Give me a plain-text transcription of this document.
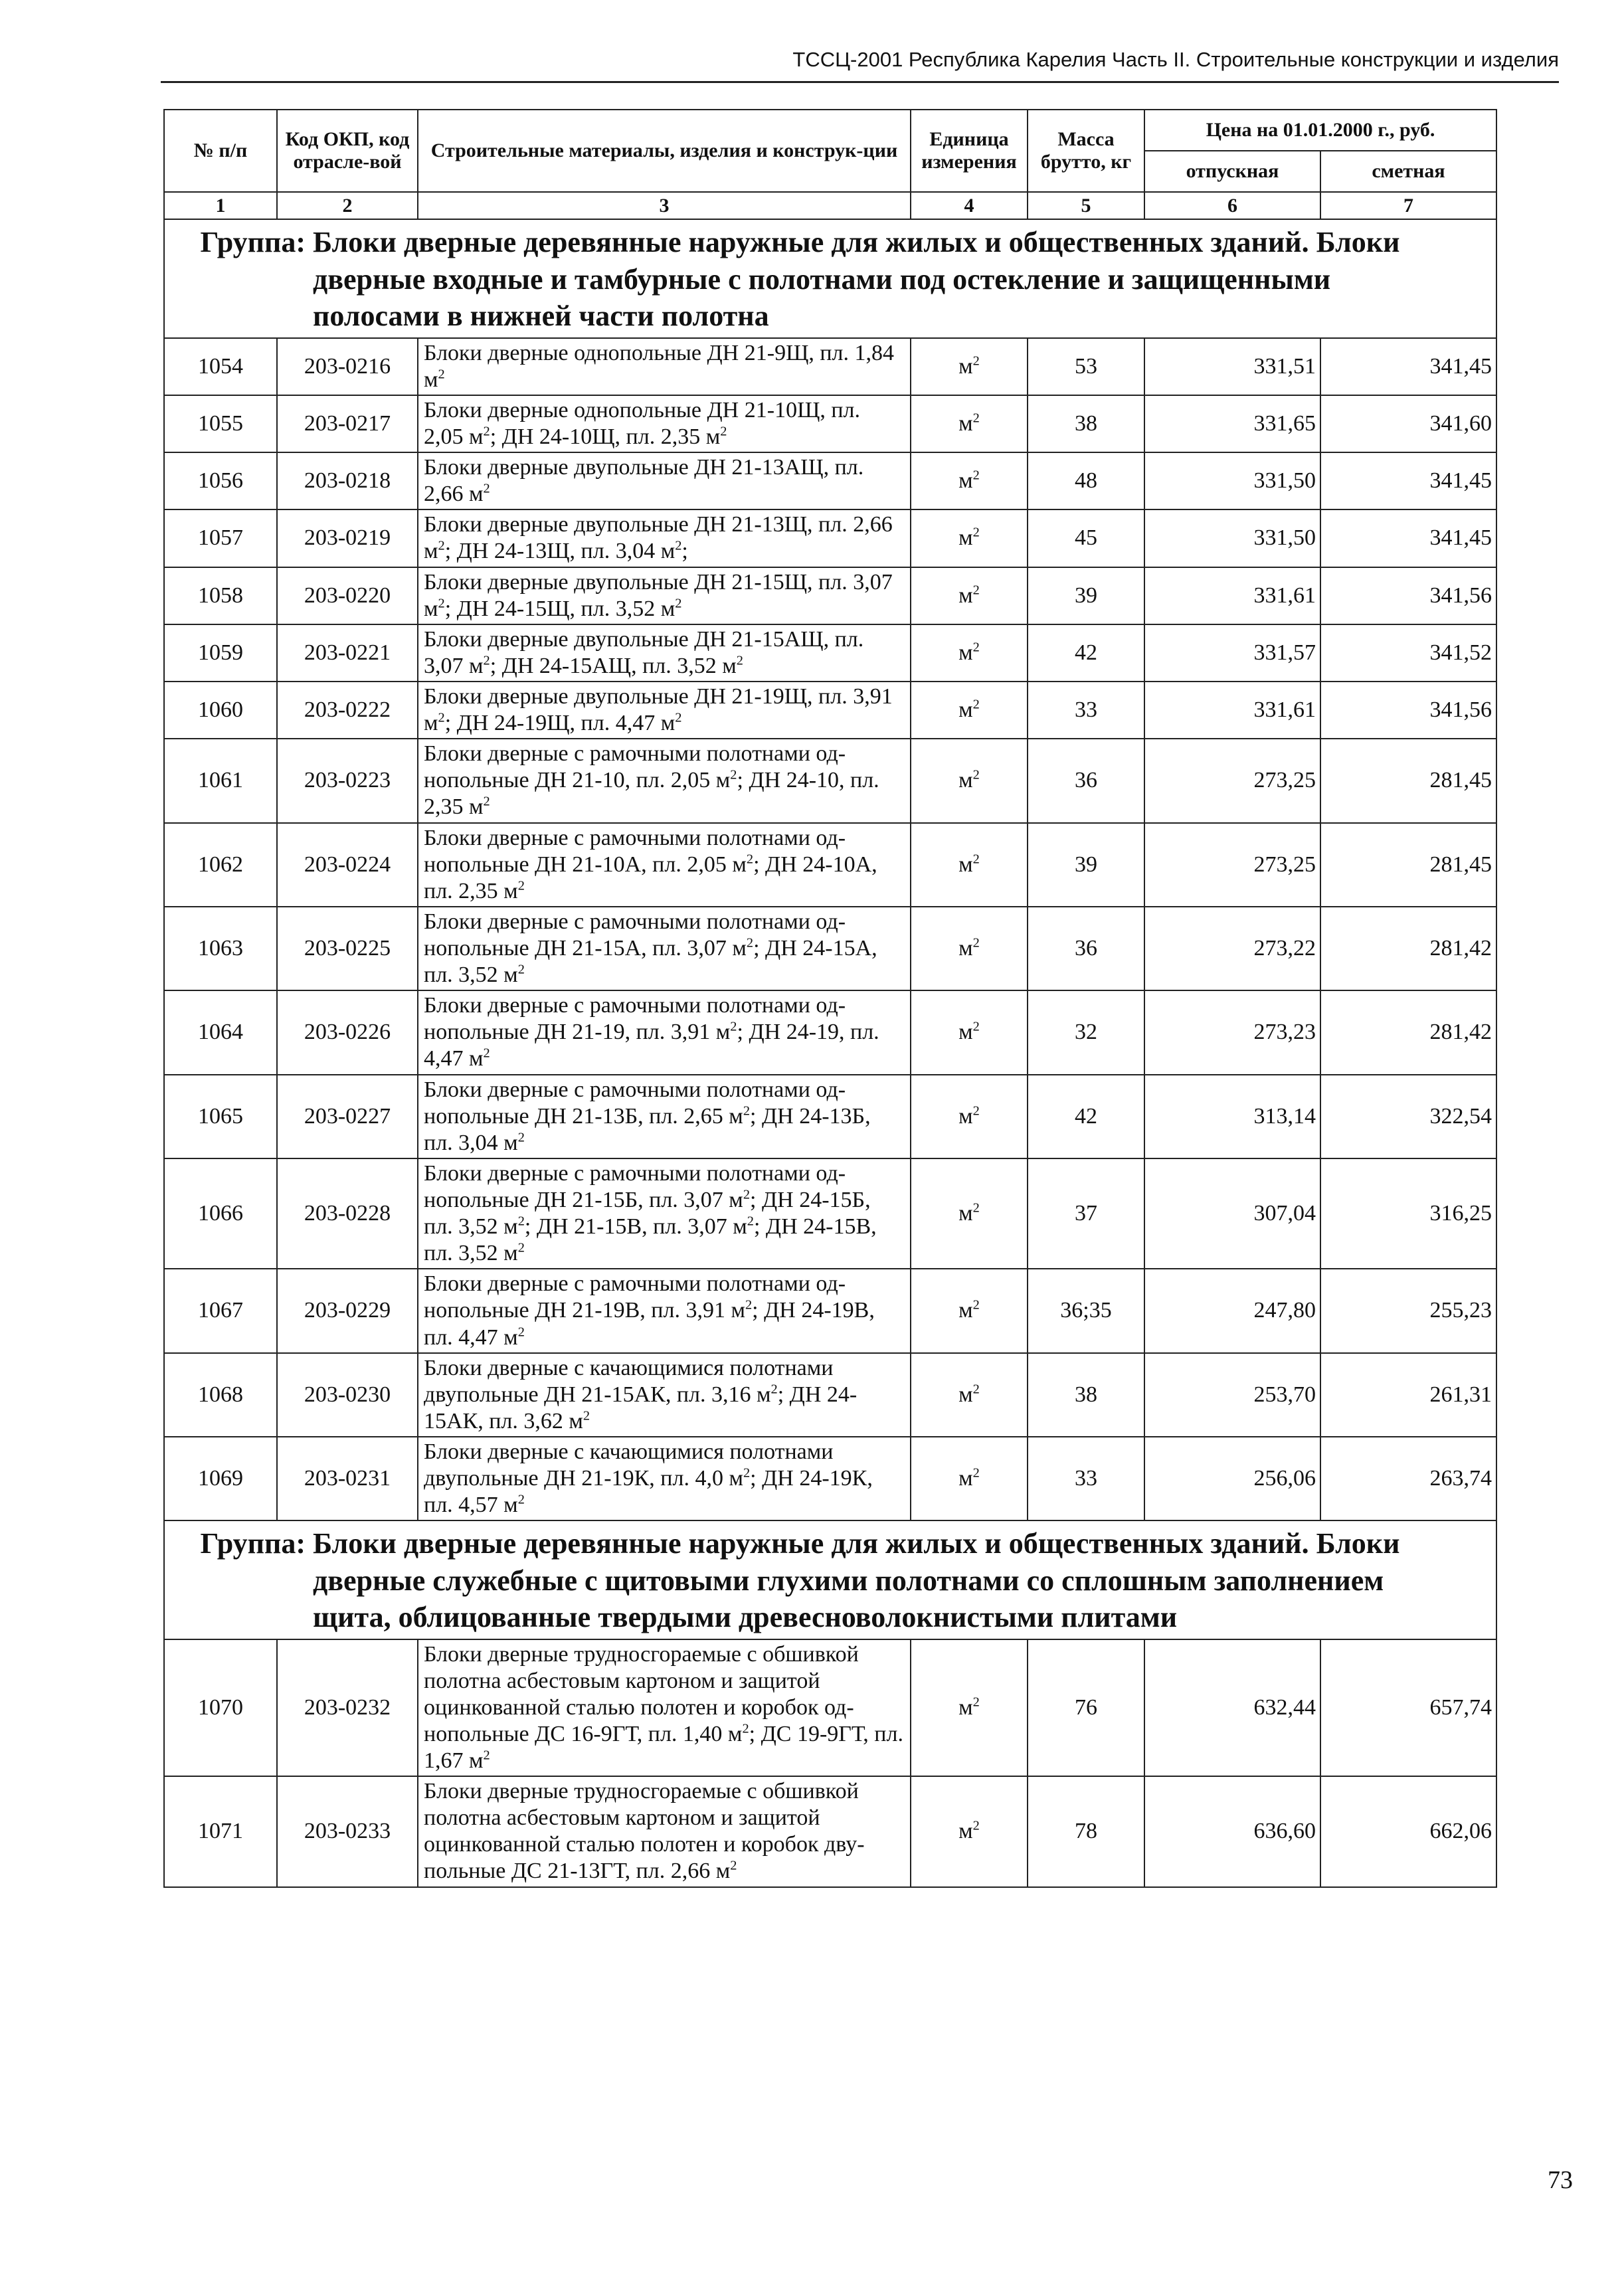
ТССЦ-2001 Республика Карелия Часть II. Строительные конструкции и изделия
№ п/п	Код ОКП, код отрасле-вой	Строительные материалы, изделия и конструк-ции	Единица измерения	Масса брутто, кг	Цена на 01.01.2000 г., руб.	
					отпускная	сметная
1	2	3	4	5	6	7
Группа: Блоки дверные деревянные наружные для жилых и общественных зданий. Блоки дверные входные и тамбурные с полотнами под остекление и защищенными полосами в нижней части полотна						
1054	203-0216	Блоки дверные однопольные ДН 21-9Щ, пл. 1,84 $м^2$	$м^2$	53	331,51	341,45
1055	203-0217	Блоки дверные однопольные ДН 21-10Щ, пл. 2,05 $м^2$; ДН 24-10Щ, пл. 2,35 $м^2$	$м^2$	38	331,65	341,60
1056	203-0218	Блоки дверные двупольные ДН 21-13АЩ, пл. 2,66 $м^2$	$м^2$	48	331,50	341,45
1057	203-0219	Блоки дверные двупольные ДН 21-13Щ, пл. 2,66 $м^2$; ДН 24-13Щ, пл. 3,04 $м^2$;	$м^2$	45	331,50	341,45
1058	203-0220	Блоки дверные двупольные ДН 21-15Щ, пл. 3,07 $м^2$; ДН 24-15Щ, пл. 3,52 $м^2$	$м^2$	39	331,61	341,56
1059	203-0221	Блоки дверные двупольные ДН 21-15АЩ, пл. 3,07 $м^2$; ДН 24-15АЩ, пл. 3,52 $м^2$	$м^2$	42	331,57	341,52
1060	203-0222	Блоки дверные двупольные ДН 21-19Щ, пл. 3,91 $м^2$; ДН 24-19Щ, пл. 4,47 $м^2$	$м^2$	33	331,61	341,56
1061	203-0223	Блоки дверные с рамочными полотнами од-нопольные ДН 21-10, пл. 2,05 $м^2$; ДН 24-10, пл. 2,35 $м^2$	$м^2$	36	273,25	281,45
1062	203-0224	Блоки дверные с рамочными полотнами од-нопольные ДН 21-10А, пл. 2,05 $м^2$; ДН 24-10А, пл. 2,35 $м^2$	$м^2$	39	273,25	281,45
1063	203-0225	Блоки дверные с рамочными полотнами од-нопольные ДН 21-15А, пл. 3,07 $м^2$; ДН 24-15А, пл. 3,52 $м^2$	$м^2$	36	273,22	281,42
1064	203-0226	Блоки дверные с рамочными полотнами од-нопольные ДН 21-19, пл. 3,91 $м^2$; ДН 24-19, пл. 4,47 $м^2$	$м^2$	32	273,23	281,42
1065	203-0227	Блоки дверные с рамочными полотнами од-нопольные ДН 21-13Б, пл. 2,65 $м^2$; ДН 24-13Б, пл. 3,04 $м^2$	$м^2$	42	313,14	322,54
1066	203-0228	Блоки дверные с рамочными полотнами од-нопольные ДН 21-15Б, пл. 3,07 $м^2$; ДН 24-15Б, пл. 3,52 $м^2$; ДН 21-15В, пл. 3,07 $м^2$; ДН 24-15В, пл. 3,52 $м^2$	$м^2$	37	307,04	316,25
1067	203-0229	Блоки дверные с рамочными полотнами од-нопольные ДН 21-19В, пл. 3,91 $м^2$; ДН 24-19В, пл. 4,47 $м^2$	$м^2$	36;35	247,80	255,23
1068	203-0230	Блоки дверные с качающимися полотнами двупольные ДН 21-15АК, пл. 3,16 $м^2$; ДН 24-15АК, пл. 3,62 $м^2$	$м^2$	38	253,70	261,31
1069	203-0231	Блоки дверные с качающимися полотнами двупольные ДН 21-19К, пл. 4,0 $м^2$; ДН 24-19К, пл. 4,57 $м^2$	$м^2$	33	256,06	263,74
Группа: Блоки дверные деревянные наружные для жилых и общественных зданий. Блоки дверные служебные с щитовыми глухими полотнами со сплошным заполнением щита, облицованные твердыми древесноволокнистыми плитами						
1070	203-0232	Блоки дверные трудносгораемые с обшивкой полотна асбестовым картоном и защитой оцинкованной сталью полотен и коробок од-нопольные ДС 16-9ГТ, пл. 1,40 $м^2$; ДС 19-9ГТ, пл. 1,67 $м^2$	$м^2$	76	632,44	657,74
1071	203-0233	Блоки дверные трудносгораемые с обшивкой полотна асбестовым картоном и защитой оцинкованной сталью полотен и коробок дву-польные ДС 21-13ГТ, пл. 2,66 $м^2$	$м^2$	78	636,60	662,06
73
